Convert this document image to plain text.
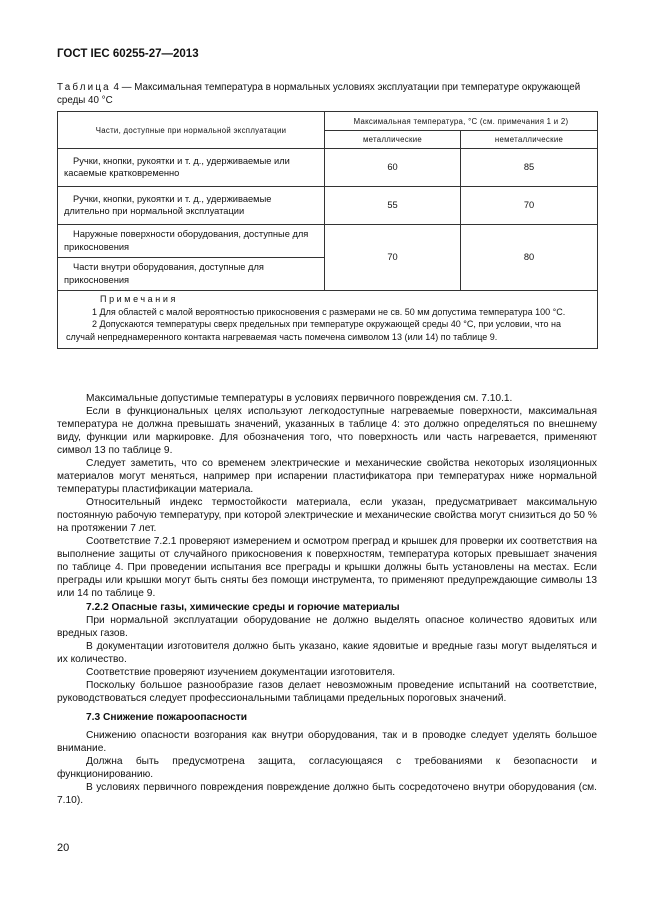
ГОСТ IEC 60255-27—2013
Таблица 4 — Максимальная температура в нормальных условиях эксплуатации при температуре окружающей среды 40 °С
Части, доступные при нормальной эксплуатации	Максимальная температура, °С (см. примечания 1 и 2)	
	металлические	неметаллические
Ручки, кнопки, рукоятки и т. д., удерживаемые или касаемые кратковременно	60	85
Ручки, кнопки, рукоятки и т. д., удерживаемые длительно при нормальной эксплуатации	55	70
Наружные поверхности оборудования, доступные для прикосновения	70	80
Части внутри оборудования, доступные для прикосновения		

Примечания
1 Для областей с малой вероятностью прикосновения с размерами не св. 50 мм допустима температура 100 °С.
2 Допускаются температуры сверх предельных при температуре окружающей среды 40 °С, при условии, что на случай непреднамеренного контакта нагреваемая часть помечена символом 13 (или 14) по таблице 9.		

Максимальные допустимые температуры в условиях первичного повреждения см. 7.10.1.

Если в функциональных целях используют легкодоступные нагреваемые поверхности, максимальная температура не должна превышать значений, указанных в таблице 4: это должно определяться по внешнему виду, функции или маркировке. Для обозначения того, что поверхность или часть нагревается, применяют символ 13 по таблице 9.

Следует заметить, что со временем электрические и механические свойства некоторых изоляционных материалов могут меняться, например при испарении пластификатора при температурах ниже нормальной температуры пластификации материала.

Относительный индекс термостойкости материала, если указан, предусматривает максимальную постоянную рабочую температуру, при которой электрические и механические свойства могут снизиться до 50 % на протяжении 7 лет.

Соответствие 7.2.1 проверяют измерением и осмотром преград и крышек для проверки их соответствия на выполнение защиты от случайного прикосновения к поверхностям, температура которых превышает значения по таблице 4. При проведении испытания все преграды и крышки должны быть установлены на местах. Если преграды или крышки могут быть сняты без помощи инструмента, то применяют предупреждающие символы 13 или 14 по таблице 9.

7.2.2 Опасные газы, химические среды и горючие материалы

При нормальной эксплуатации оборудование не должно выделять опасное количество ядовитых или вредных газов.

В документации изготовителя должно быть указано, какие ядовитые и вредные газы могут выделяться и их количество.

Соответствие проверяют изучением документации изготовителя.

Поскольку большое разнообразие газов делает невозможным проведение испытаний на соответствие, руководствоваться следует профессиональными таблицами предельных пороговых значений.

7.3 Снижение пожароопасности

Снижению опасности возгорания как внутри оборудования, так и в проводке следует уделять большое внимание.

Должна быть предусмотрена защита, согласующаяся с требованиями к безопасности и функционированию.

В условиях первичного повреждения повреждение должно быть сосредоточено внутри оборудования (см. 7.10).

20
